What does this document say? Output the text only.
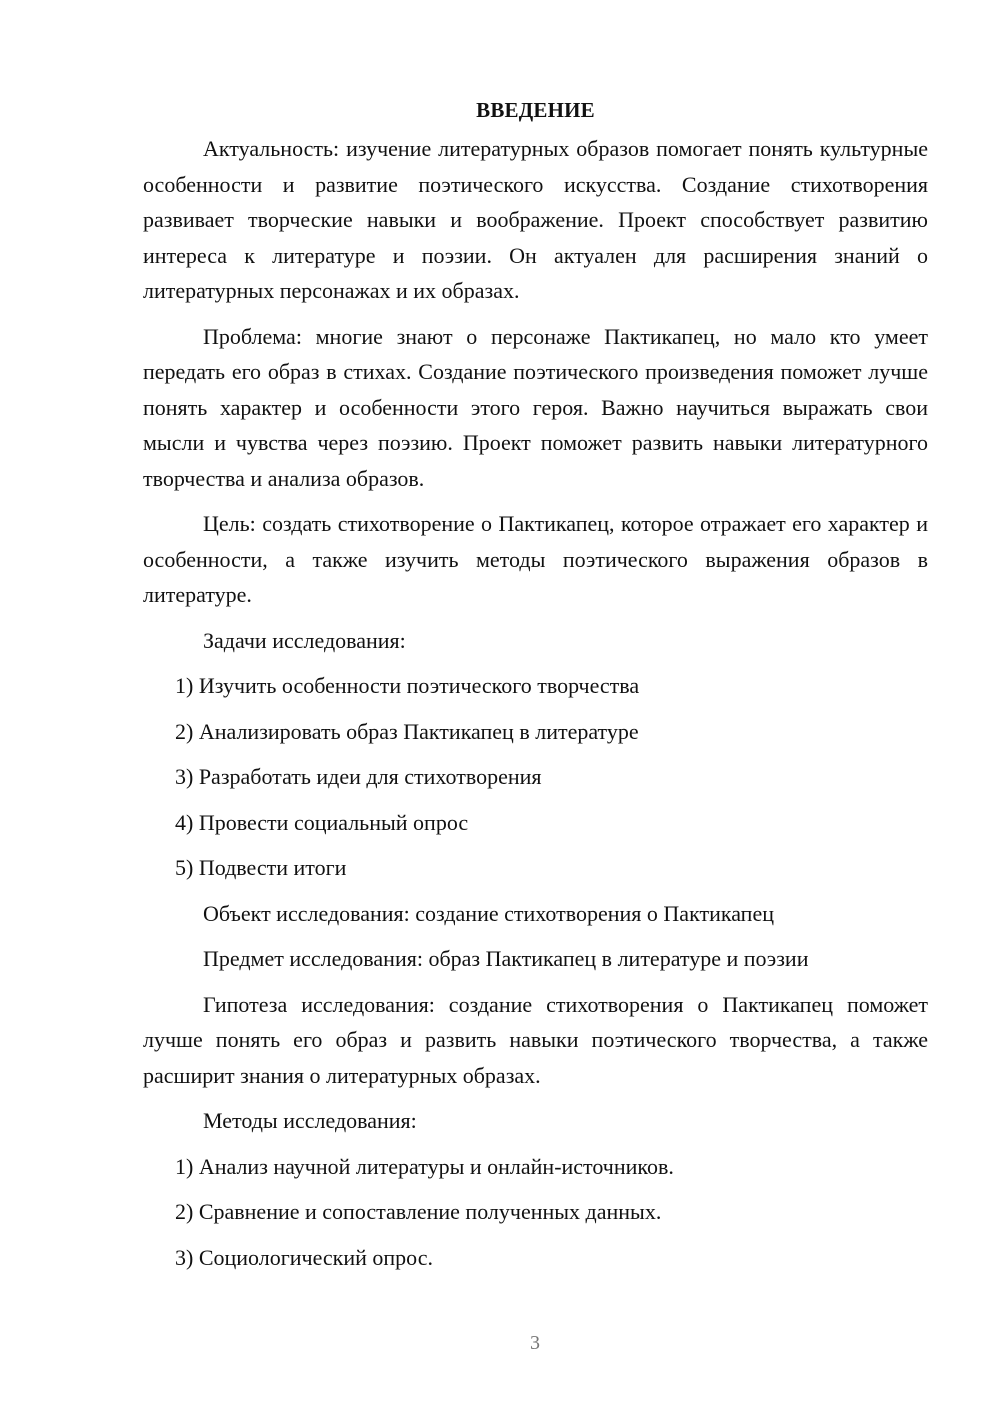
ВВЕДЕНИЕ

Актуальность: изучение литературных образов помогает понять культурные особенности и развитие поэтического искусства. Создание стихотворения развивает творческие навыки и воображение. Проект способствует развитию интереса к литературе и поэзии. Он актуален для расширения знаний о литературных персонажах и их образах.

Проблема: многие знают о персонаже Пактикапец, но мало кто умеет передать его образ в стихах. Создание поэтического произведения поможет лучше понять характер и особенности этого героя. Важно научиться выражать свои мысли и чувства через поэзию. Проект поможет развить навыки литературного творчества и анализа образов.

Цель: создать стихотворение о Пактикапец, которое отражает его характер и особенности, а также изучить методы поэтического выражения образов в литературе.

Задачи исследования:
1) Изучить особенности поэтического творчества
2) Анализировать образ Пактикапец в литературе
3) Разработать идеи для стихотворения
4) Провести социальный опрос
5) Подвести итоги
Объект исследования: создание стихотворения о Пактикапец
Предмет исследования: образ Пактикапец в литературе и поэзии

Гипотеза исследования: создание стихотворения о Пактикапец поможет лучше понять его образ и развить навыки поэтического творчества, а также расширит знания о литературных образах.

Методы исследования:
1) Анализ научной литературы и онлайн-источников.
2) Сравнение и сопоставление полученных данных.
3) Социологический опрос.
3
